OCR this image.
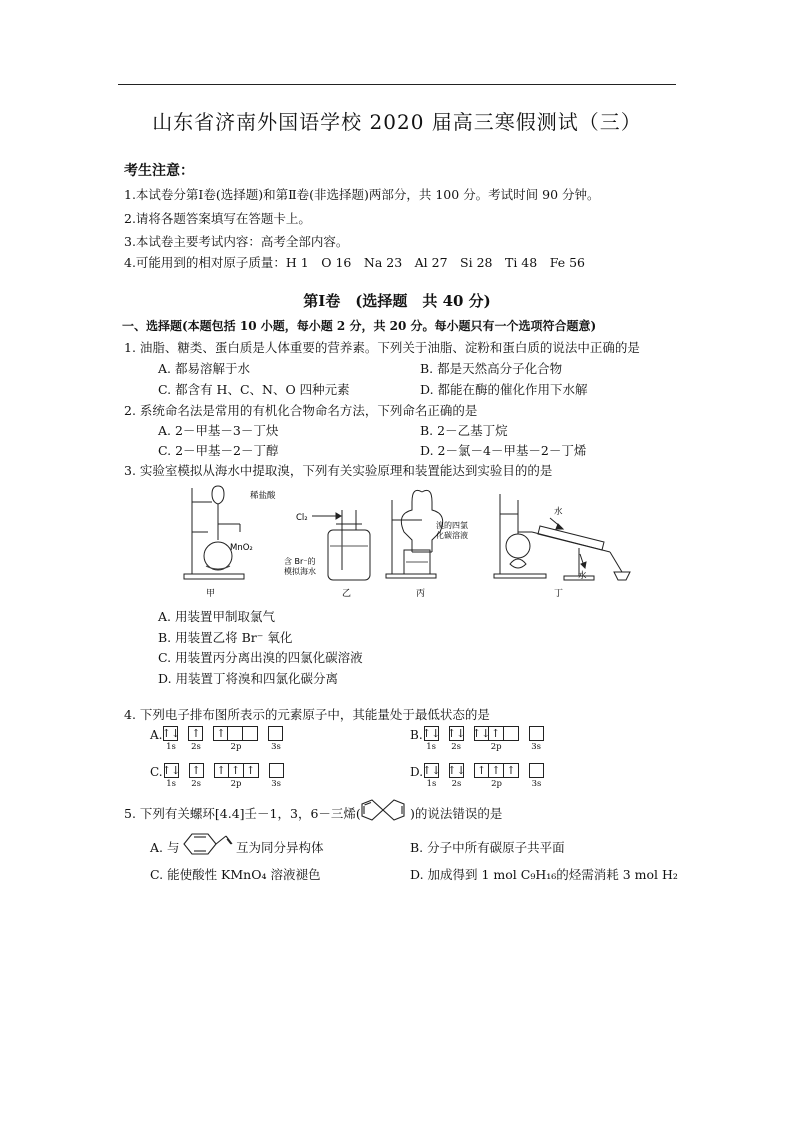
山东省济南外国语学校 2020 届高三寒假测试（三）
考生注意：
1.本试卷分第Ⅰ卷(选择题)和第Ⅱ卷(非选择题)两部分，共 100 分。考试时间 90 分钟。
2.请将各题答案填写在答题卡上。
3.本试卷主要考试内容：高考全部内容。
4.可能用到的相对原子质量：H 1　O 16　Na 23　Al 27　Si 28　Ti 48　Fe 56
第Ⅰ卷　(选择题　共 40 分)
一、选择题(本题包括 10 小题，每小题 2 分，共 20 分。每小题只有一个选项符合题意)
1. 油脂、糖类、蛋白质是人体重要的营养素。下列关于油脂、淀粉和蛋白质的说法中正确的是
A. 都易溶解于水	B. 都是天然高分子化合物
C. 都含有 H、C、N、O 四种元素	D. 都能在酶的催化作用下水解
2. 系统命名法是常用的有机化合物命名方法，下列命名正确的是
A. 2－甲基－3－丁炔	B. 2－乙基丁烷
C. 2－甲基－2－丁醇	D. 2－氯－4－甲基－2－丁烯
3. 实验室模拟从海水中提取溴，下列有关实验原理和装置能达到实验目的的是
稀盐酸
MnO₂
Cl₂
含 Br⁻的
模拟海水
溴的四氯
化碳溶液
水
水
甲	乙	丙	丁
A. 用装置甲制取氯气
B. 用装置乙将 Br⁻ 氧化
C. 用装置丙分离出溴的四氯化碳溶液
D. 用装置丁将溴和四氯化碳分离
4. 下列电子排布图所表示的元素原子中，其能量处于最低状态的是
A. ↑↓
1s
↑
2s
↑
2p	3s
B. ↑↓
1s
↑↓
2s
↑↓ ↑
2p	3s
C. ↑↓
1s
↑
2s
↑ ↑ ↑
2p	3s
D. ↑↓
1s
↑↓
2s
↑ ↑ ↑
2p	3s
5. 下列有关螺环[4.4]壬－1，3，6－三烯(	)的说法错误的是
A. 与	互为同分异构体	B. 分子中所有碳原子共平面
C. 能使酸性 KMnO₄ 溶液褪色	D. 加成得到 1 mol C₉H₁₆的烃需消耗 3 mol H₂
